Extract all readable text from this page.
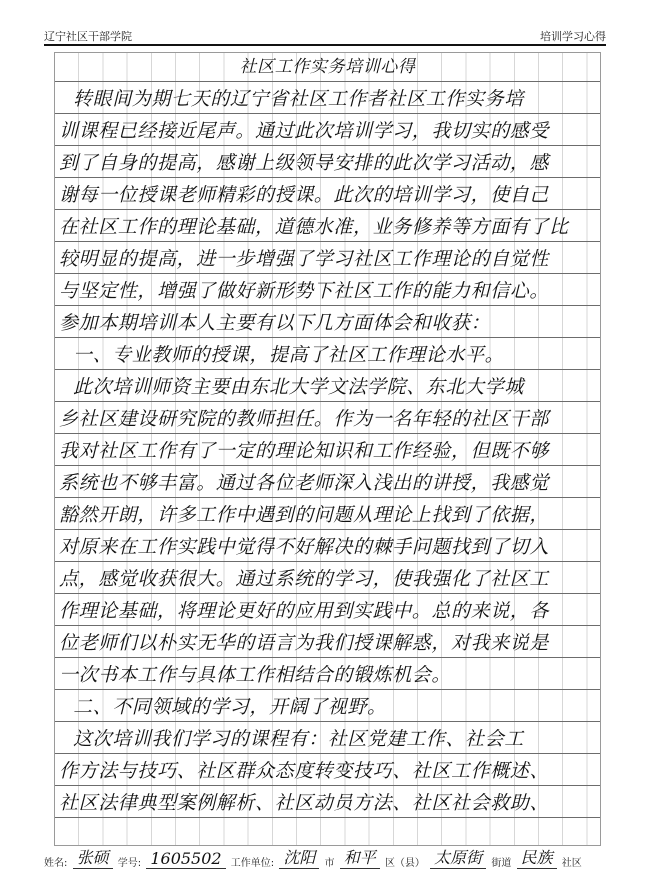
辽宁社区干部学院	培训学习心得
社区工作实务培训心得
转眼间为期七天的辽宁省社区工作者社区工作实务培
训课程已经接近尾声。通过此次培训学习，我切实的感受
到了自身的提高，感谢上级领导安排的此次学习活动，感
谢每一位授课老师精彩的授课。此次的培训学习，使自己
在社区工作的理论基础，道德水准，业务修养等方面有了比
较明显的提高，进一步增强了学习社区工作理论的自觉性
与坚定性，增强了做好新形势下社区工作的能力和信心。
参加本期培训本人主要有以下几方面体会和收获：
一、专业教师的授课，提高了社区工作理论水平。
此次培训师资主要由东北大学文法学院、东北大学城
乡社区建设研究院的教师担任。作为一名年轻的社区干部
我对社区工作有了一定的理论知识和工作经验，但既不够
系统也不够丰富。通过各位老师深入浅出的讲授，我感觉
豁然开朗，许多工作中遇到的问题从理论上找到了依据，
对原来在工作实践中觉得不好解决的棘手问题找到了切入
点，感觉收获很大。通过系统的学习，使我强化了社区工
作理论基础，将理论更好的应用到实践中。总的来说，各
位老师们以朴实无华的语言为我们授课解惑，对我来说是
一次书本工作与具体工作相结合的锻炼机会。
二、不同领域的学习，开阔了视野。
这次培训我们学习的课程有：社区党建工作、社会工
作方法与技巧、社区群众态度转变技巧、社区工作概述、
社区法律典型案例解析、社区动员方法、社区社会救助、
姓名: 张硕 学号: 1605502 工作单位: 沈阳 市 和平 区（县） 太原街 街道 民族 社区
